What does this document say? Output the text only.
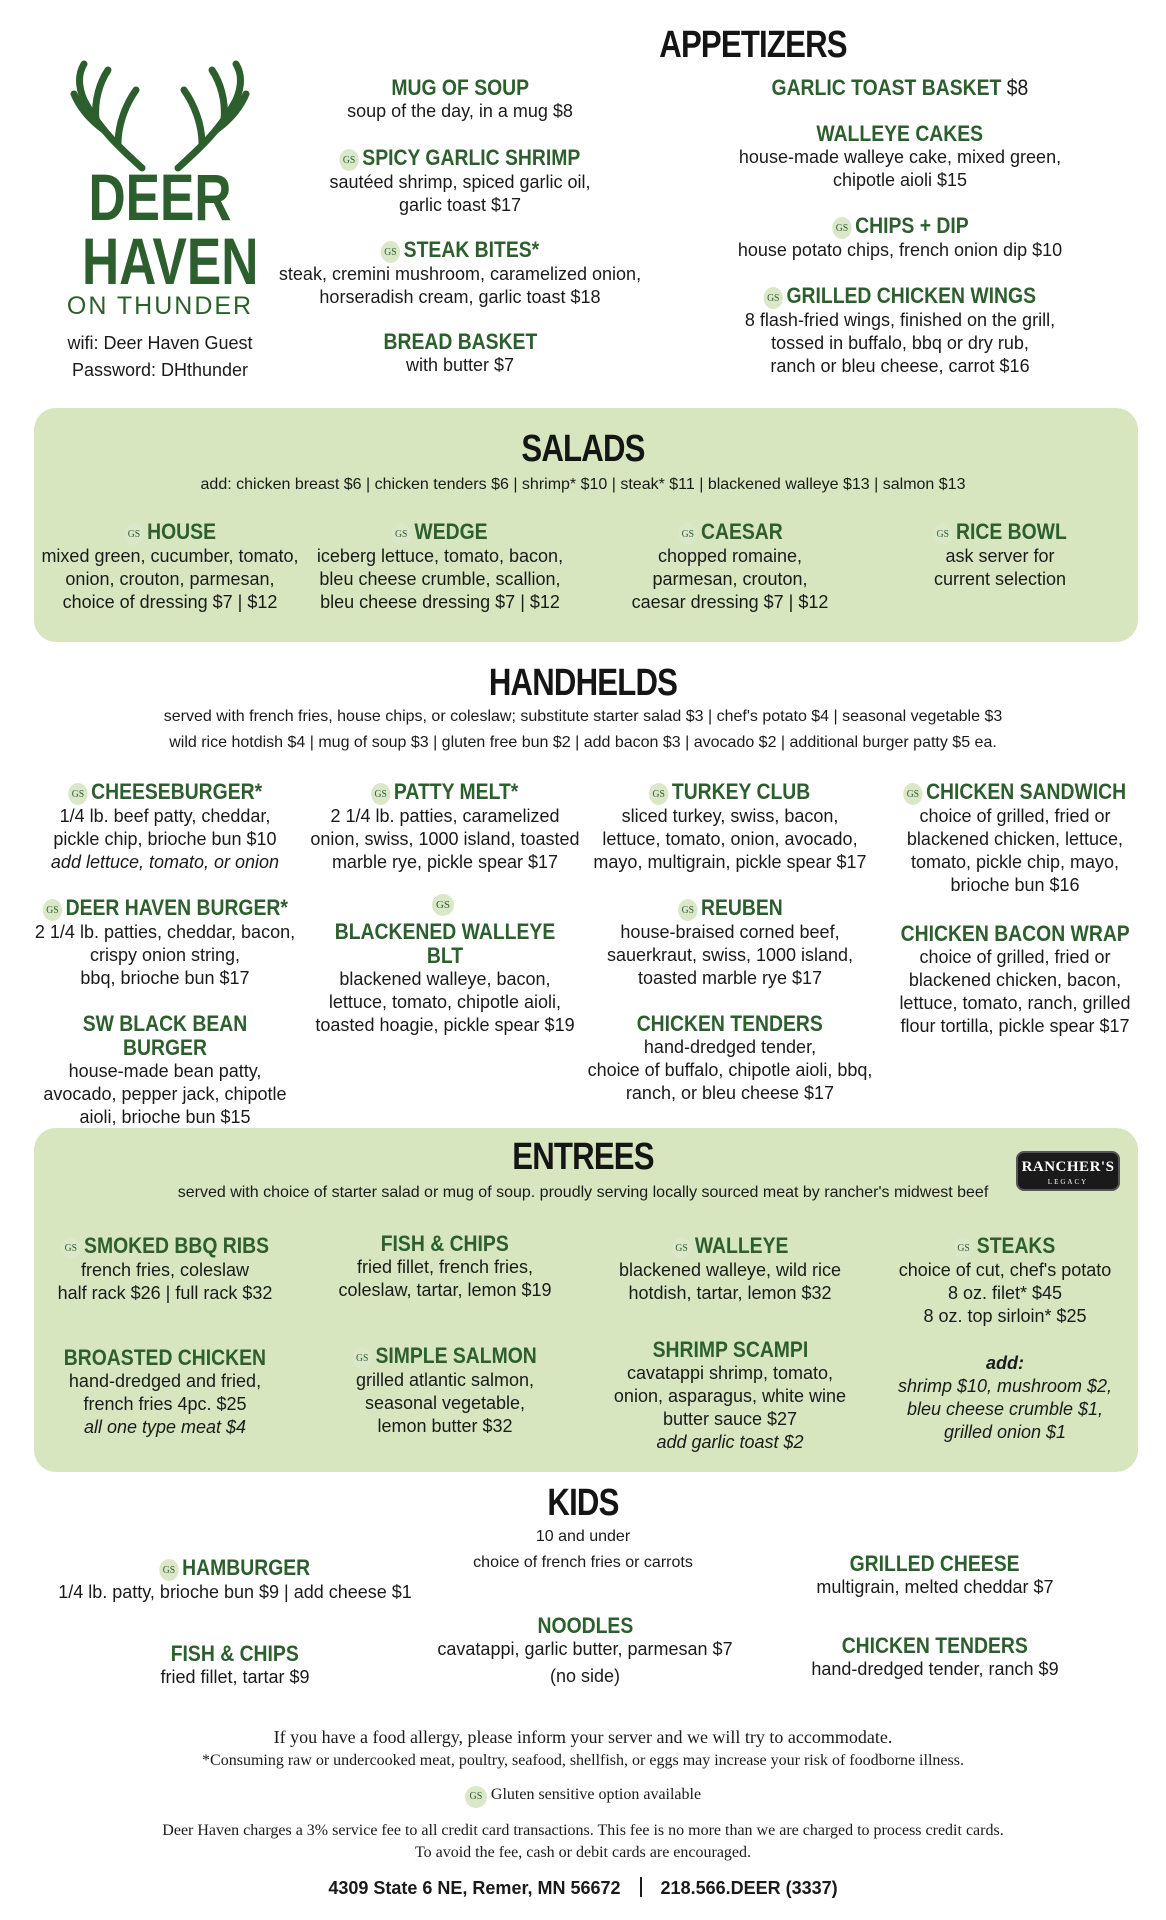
DEER
HAVEN
ON THUNDER
wifi: Deer Haven Guest
Password: DHthunder
APPETIZERS
MUG OF SOUP
soup of the day, in a mug $8
GS SPICY GARLIC SHRIMP
sautéed shrimp, spiced garlic oil,
garlic toast $17
GS STEAK BITES*
steak, cremini mushroom, caramelized onion,
horseradish cream, garlic toast $18
BREAD BASKET
with butter $7
GARLIC TOAST BASKET $8
WALLEYE CAKES
house-made walleye cake, mixed green,
chipotle aioli $15
GS CHIPS + DIP
house potato chips, french onion dip $10
GS GRILLED CHICKEN WINGS
8 flash-fried wings, finished on the grill,
tossed in buffalo, bbq or dry rub,
ranch or bleu cheese, carrot $16
SALADS
add: chicken breast $6 | chicken tenders $6 | shrimp* $10 | steak* $11 | blackened walleye $13 | salmon $13
GS HOUSE
mixed green, cucumber, tomato,
onion, crouton, parmesan,
choice of dressing $7 | $12
GS WEDGE
iceberg lettuce, tomato, bacon,
bleu cheese crumble, scallion,
bleu cheese dressing $7 | $12
GS CAESAR
chopped romaine,
parmesan, crouton,
caesar dressing $7 | $12
GS RICE BOWL
ask server for
current selection
HANDHELDS
served with french fries, house chips, or coleslaw; substitute starter salad $3 | chef's potato $4 | seasonal vegetable $3
wild rice hotdish $4 | mug of soup $3 | gluten free bun $2 | add bacon $3 | avocado $2 | additional burger patty $5 ea.
GS CHEESEBURGER*
1/4 lb. beef patty, cheddar,
pickle chip, brioche bun $10
add lettuce, tomato, or onion
GS DEER HAVEN BURGER*
2 1/4 lb. patties, cheddar, bacon,
crispy onion string,
bbq, brioche bun $17
SW BLACK BEAN BURGER
house-made bean patty,
avocado, pepper jack, chipotle
aioli, brioche bun $15
GS PATTY MELT*
2 1/4 lb. patties, caramelized
onion, swiss, 1000 island, toasted
marble rye, pickle spear $17
GS
BLACKENED WALLEYE BLT
blackened walleye, bacon,
lettuce, tomato, chipotle aioli,
toasted hoagie, pickle spear $19
GS TURKEY CLUB
sliced turkey, swiss, bacon,
lettuce, tomato, onion, avocado,
mayo, multigrain, pickle spear $17
GS REUBEN
house-braised corned beef,
sauerkraut, swiss, 1000 island,
toasted marble rye $17
CHICKEN TENDERS
hand-dredged tender,
choice of buffalo, chipotle aioli, bbq,
ranch, or bleu cheese $17
GS CHICKEN SANDWICH
choice of grilled, fried or
blackened chicken, lettuce,
tomato, pickle chip, mayo,
brioche bun $16
CHICKEN BACON WRAP
choice of grilled, fried or
blackened chicken, bacon,
lettuce, tomato, ranch, grilled
flour tortilla, pickle spear $17
ENTREES
served with choice of starter salad or mug of soup. proudly serving locally sourced meat by rancher's midwest beef
RANCHER'S
LEGACY
GS SMOKED BBQ RIBS
french fries, coleslaw
half rack $26 | full rack $32
BROASTED CHICKEN
hand-dredged and fried,
french fries 4pc. $25
all one type meat $4
FISH & CHIPS
fried fillet, french fries,
coleslaw, tartar, lemon $19
GS SIMPLE SALMON
grilled atlantic salmon,
seasonal vegetable,
lemon butter $32
GS WALLEYE
blackened walleye, wild rice
hotdish, tartar, lemon $32
SHRIMP SCAMPI
cavatappi shrimp, tomato,
onion, asparagus, white wine
butter sauce $27
add garlic toast $2
GS STEAKS
choice of cut, chef's potato
8 oz. filet* $45
8 oz. top sirloin* $25
add:
shrimp $10, mushroom $2,
bleu cheese crumble $1,
grilled onion $1
KIDS
10 and under
choice of french fries or carrots
GS HAMBURGER
1/4 lb. patty, brioche bun $9 | add cheese $1
FISH & CHIPS
fried fillet, tartar $9
NOODLES
cavatappi, garlic butter, parmesan $7
(no side)
GRILLED CHEESE
multigrain, melted cheddar $7
CHICKEN TENDERS
hand-dredged tender, ranch $9
If you have a food allergy, please inform your server and we will try to accommodate.
*Consuming raw or undercooked meat, poultry, seafood, shellfish, or eggs may increase your risk of foodborne illness.
GS Gluten sensitive option available
Deer Haven charges a 3% service fee to all credit card transactions. This fee is no more than we are charged to process credit cards.
To avoid the fee, cash or debit cards are encouraged.
4309 State 6 NE, Remer, MN 56672 218.566.DEER (3337)
